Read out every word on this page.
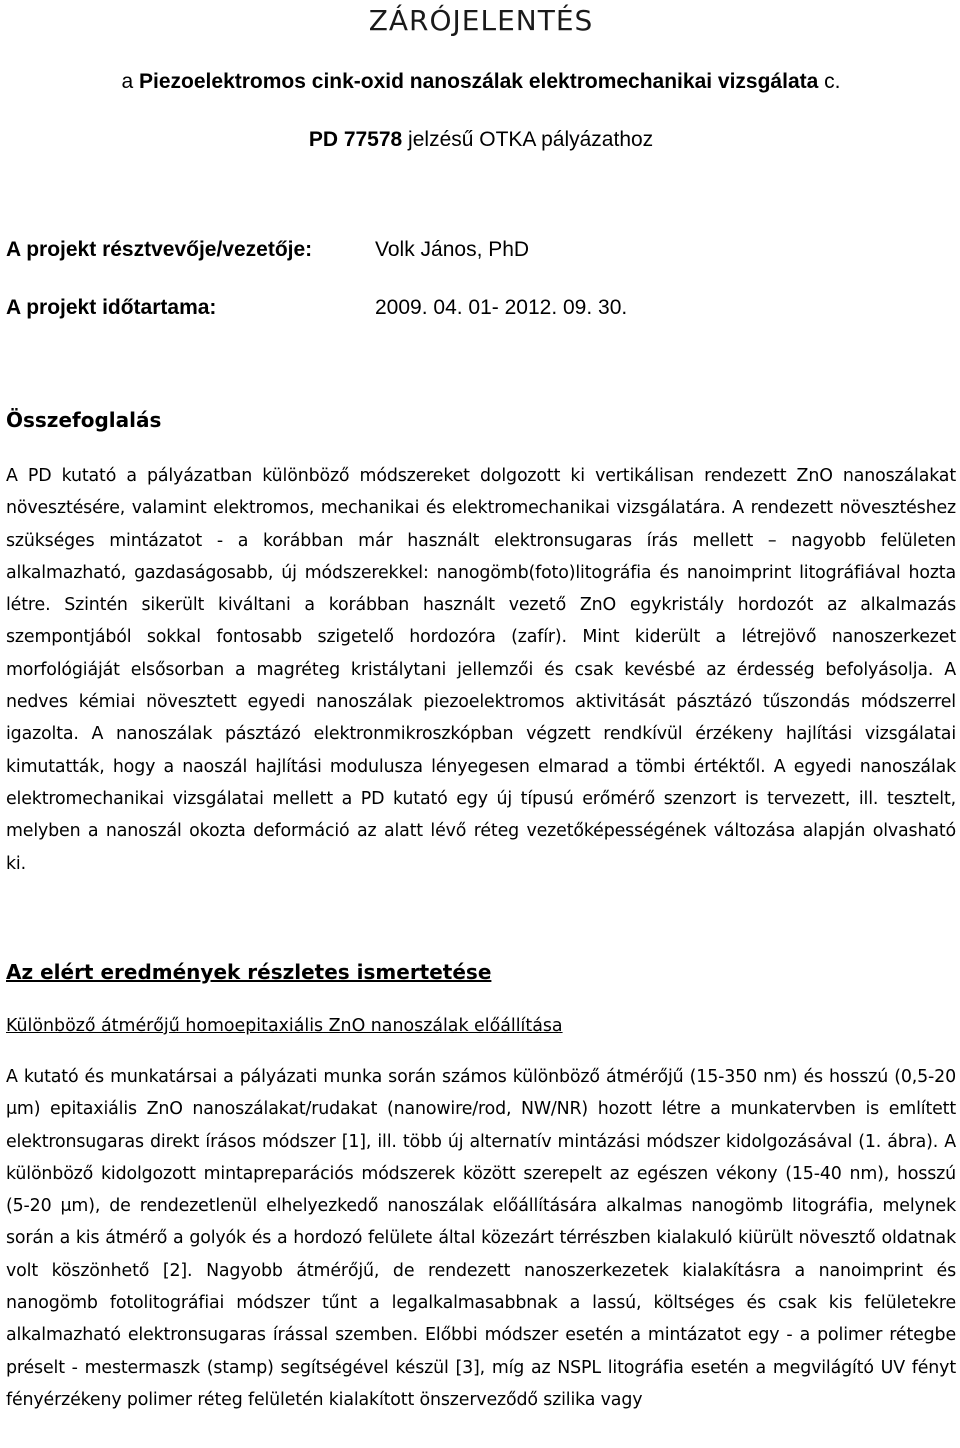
ZÁRÓJELENTÉS
a Piezoelektromos cink-oxid nanoszálak elektromechanikai vizsgálata c.
PD 77578 jelzésű OTKA pályázathoz
A projekt résztvevője/vezetője:	Volk János, PhD
A projekt időtartama:	2009. 04. 01- 2012. 09. 30.
Összefoglalás
A PD kutató a pályázatban különböző módszereket dolgozott ki vertikálisan rendezett ZnO nanoszálakat növesztésére, valamint elektromos, mechanikai és elektromechanikai vizsgálatára. A rendezett növesztéshez szükséges mintázatot - a korábban már használt elektronsugaras írás mellett – nagyobb felületen alkalmazható, gazdaságosabb, új módszerekkel: nanogömb(foto)litográfia és nanoimprint litográfiával hozta létre. Szintén sikerült kiváltani a korábban használt vezető ZnO egykristály hordozót az alkalmazás szempontjából sokkal fontosabb szigetelő hordozóra (zafír). Mint kiderült a létrejövő nanoszerkezet morfológiáját elsősorban a magréteg kristálytani jellemzői és csak kevésbé az érdesség befolyásolja. A nedves kémiai növesztett egyedi nanoszálak piezoelektromos aktivitását pásztázó tűszondás módszerrel igazolta. A nanoszálak pásztázó elektronmikroszkópban végzett rendkívül érzékeny hajlítási vizsgálatai kimutatták, hogy a naoszál hajlítási modulusza lényegesen elmarad a tömbi értéktől. A egyedi nanoszálak elektromechanikai vizsgálatai mellett a PD kutató egy új típusú erőmérő szenzort is tervezett, ill. tesztelt, melyben a nanoszál okozta deformáció az alatt lévő réteg vezetőképességének változása alapján olvasható ki.
Az elért eredmények részletes ismertetése
Különböző átmérőjű homoepitaxiális ZnO nanoszálak előállítása
A kutató és munkatársai a pályázati munka során számos különböző átmérőjű (15-350 nm) és hosszú (0,5-20 μm) epitaxiális ZnO nanoszálakat/rudakat (nanowire/rod, NW/NR) hozott létre a munkatervben is említett elektronsugaras direkt írásos módszer [1], ill. több új alternatív mintázási módszer kidolgozásával (1. ábra). A különböző kidolgozott mintapreparációs módszerek között szerepelt az egészen vékony (15-40 nm), hosszú (5-20 μm), de rendezetlenül elhelyezkedő nanoszálak előállítására alkalmas nanogömb litográfia, melynek során a kis átmérő a golyók és a hordozó felülete által közezárt térrészben kialakuló kiürült növesztő oldatnak volt köszönhető [2]. Nagyobb átmérőjű, de rendezett nanoszerkezetek kialakításra a nanoimprint és nanogömb fotolitográfiai módszer tűnt a legalkalmasabbnak a lassú, költséges és csak kis felületekre alkalmazható elektronsugaras írással szemben. Előbbi módszer esetén a mintázatot egy - a polimer rétegbe préselt - mestermaszk (stamp) segítségével készül [3], míg az NSPL litográfia esetén a megvilágító UV fényt fényérzékeny polimer réteg felületén kialakított önszerveződő szilika vagy
